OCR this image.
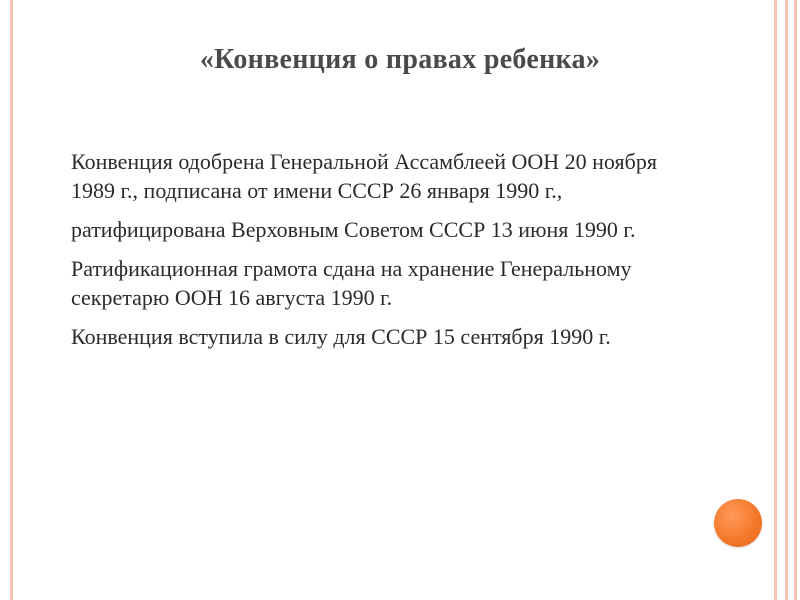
«Конвенция о правах ребенка»
Конвенция одобрена Генеральной Ассамблеей ООН 20 ноября 1989 г., подписана от имени СССР 26 января 1990 г.,
ратифицирована Верховным Советом СССР 13 июня 1990 г.
Ратификационная грамота сдана на хранение Генеральному секретарю ООН 16 августа 1990 г.
Конвенция вступила в силу для СССР 15 сентября 1990 г.
